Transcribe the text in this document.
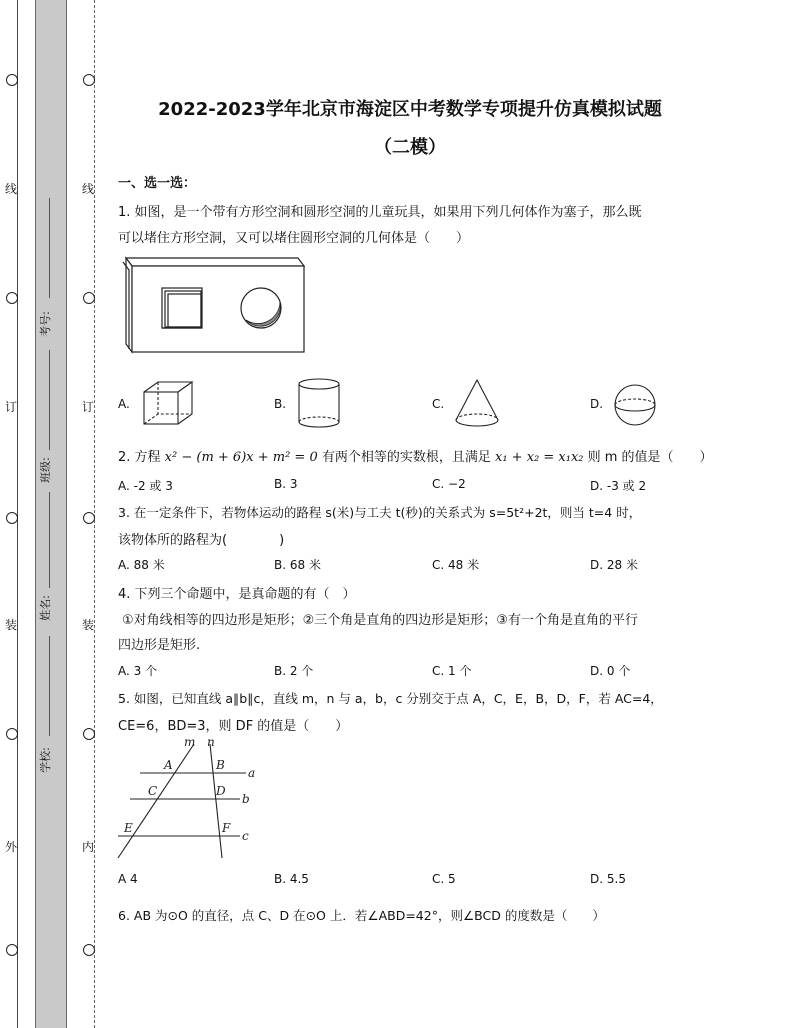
线
订
装
外
线
订
装
内
考号:
班级:
姓名:
学校:
2022-2023学年北京市海淀区中考数学专项提升仿真模拟试题
（二模）
一、选一选：
1. 如图，是一个带有方形空洞和圆形空洞的儿童玩具，如果用下列几何体作为塞子，那么既
可以堵住方形空洞，又可以堵住圆形空洞的几何体是（　　）
A.	B.	C.	D.
2. 方程 x² − (m + 6)x + m² = 0 有两个相等的实数根，且满足 x₁ + x₂ = x₁x₂ 则 m 的值是（　　）
A. -2 或 3	B. 3	C. −2	D. -3 或 2
3. 在一定条件下，若物体运动的路程 s(米)与工夫 t(秒)的关系式为 s=5t²+2t，则当 t=4 时，
该物体所的路程为(　　　　)
A. 88 米	B. 68 米	C. 48 米	D. 28 米
4. 下列三个命题中，是真命题的有（　）
①对角线相等的四边形是矩形；②三个角是直角的四边形是矩形；③有一个角是直角的平行
四边形是矩形.
A. 3 个	B. 2 个	C. 1 个	D. 0 个
5. 如图，已知直线 a∥b∥c，直线 m，n 与 a，b，c 分别交于点 A，C，E，B，D，F，若 AC=4，
CE=6，BD=3，则 DF 的值是（　　）
m n
A	B
C	D
E	F
a
b
c
A 4	B. 4.5	C. 5	D. 5.5
6. AB 为⊙O 的直径，点 C、D 在⊙O 上．若∠ABD=42°，则∠BCD 的度数是（　　）
